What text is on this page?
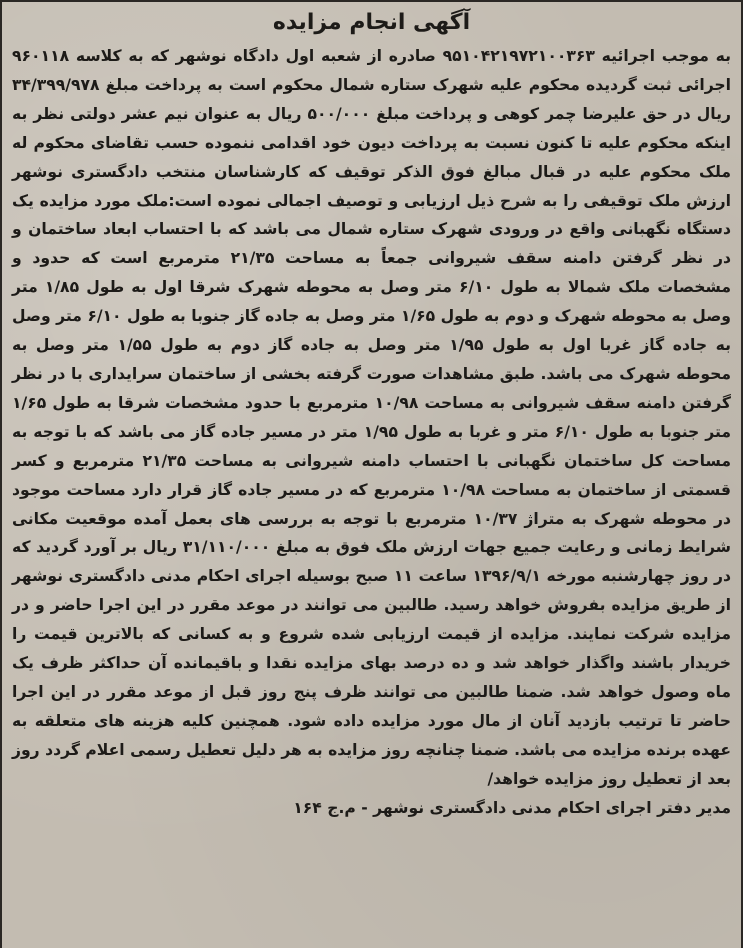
آگهی انجام مزایده

به موجب اجرائیه ۹۵۱۰۴۲۱۹۷۲۱۰۰۳۶۳ صادره از شعبه اول دادگاه نوشهر که به کلاسه ۹۶۰۱۱۸ اجرائی ثبت گردیده محکوم علیه شهرک ستاره شمال محکوم است به پرداخت مبلغ ۳۴/۳۹۹/۹۷۸ ریال در حق علیرضا چمر کوهی و پرداخت مبلغ ۵۰۰/۰۰۰ ریال به عنوان نیم عشر دولتی نظر به اینکه محکوم علیه تا کنون نسبت به پرداخت دیون خود اقدامی ننموده حسب تقاضای محکوم له ملک محکوم علیه در قبال مبالغ فوق الذکر توقیف که کارشناسان منتخب دادگستری نوشهر ارزش ملک توقیفی را به شرح ذیل ارزیابی و توصیف اجمالی نموده است:ملک مورد مزایده یک دستگاه نگهبانی واقع در ورودی شهرک ستاره شمال می باشد که با احتساب ابعاد ساختمان و در نظر گرفتن دامنه سقف شیروانی جمعاً به مساحت ۲۱/۳۵ مترمربع است که حدود و مشخصات ملک شمالا به طول ۶/۱۰ متر وصل به محوطه شهرک شرقا اول به طول ۱/۸۵ متر وصل به محوطه شهرک و دوم به طول ۱/۶۵ متر وصل به جاده گاز جنوبا به طول ۶/۱۰ متر وصل به جاده گاز غربا اول به طول ۱/۹۵ متر وصل به جاده گاز دوم به طول ۱/۵۵ متر وصل به محوطه شهرک می باشد. طبق مشاهدات صورت گرفته بخشی از ساختمان سرایداری با در نظر گرفتن دامنه سقف شیروانی به مساحت ۱۰/۹۸ مترمربع با حدود مشخصات شرقا به طول ۱/۶۵ متر جنوبا به طول ۶/۱۰ متر و غربا به طول ۱/۹۵ متر در مسیر جاده گاز می باشد که با توجه به مساحت کل ساختمان نگهبانی با احتساب دامنه شیروانی به مساحت ۲۱/۳۵ مترمربع و کسر قسمتی از ساختمان به مساحت ۱۰/۹۸ مترمربع که در مسیر جاده گاز قرار دارد مساحت موجود در محوطه شهرک به متراژ ۱۰/۳۷ مترمربع با توجه به بررسی های بعمل آمده موقعیت مکانی شرایط زمانی و رعایت جمیع جهات ارزش ملک فوق به مبلغ ۳۱/۱۱۰/۰۰۰ ریال بر آورد گردید که در روز چهارشنبه مورخه ۱۳۹۶/۹/۱ ساعت ۱۱ صبح بوسیله اجرای احکام مدنی دادگستری نوشهر از طریق مزایده بفروش خواهد رسید. طالبین می توانند در موعد مقرر در این اجرا حاضر و در مزایده شرکت نمایند. مزایده از قیمت ارزیابی شده شروع و به کسانی که بالاترین قیمت را خریدار باشند واگذار خواهد شد و ده درصد بهای مزایده نقدا و باقیمانده آن حداکثر ظرف یک ماه وصول خواهد شد. ضمنا طالبین می توانند ظرف پنج روز قبل از موعد مقرر در این اجرا حاضر تا ترتیب بازدید آنان از مال مورد مزایده داده شود. همچنین کلیه هزینه های متعلقه به عهده برنده مزایده می باشد. ضمنا چنانچه روز مزایده به هر دلیل تعطیل رسمی اعلام گردد روز بعد از تعطیل روز مزایده خواهد/

مدیر دفتر اجرای احکام مدنی دادگستری نوشهر - م.ج ۱۶۴
